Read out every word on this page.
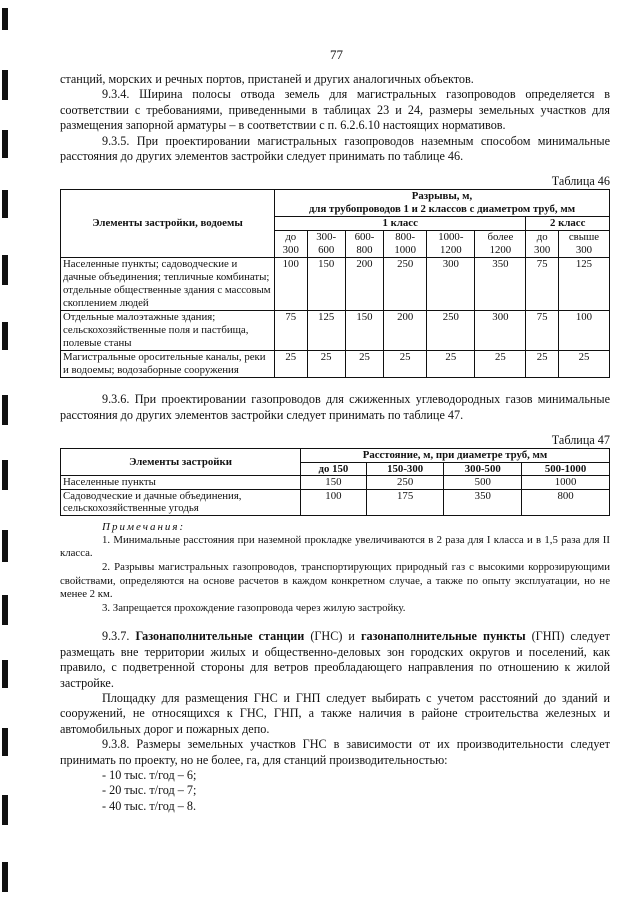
77

станций, морских и речных портов, пристаней и других аналогичных объектов.

9.3.4. Ширина полосы отвода земель для магистральных газопроводов определяется в соответствии с требованиями, приведенными в таблицах 23 и 24, размеры земельных участков для размещения запорной арматуры – в соответствии с п. 6.2.6.10 настоящих нормативов.

9.3.5. При проектировании магистральных газопроводов наземным способом минимальные расстояния до других элементов застройки следует принимать по таблице 46.

Таблица 46
Элементы застройки, водоемы	Разрывы, м,
для трубопроводов 1 и 2 классов с диаметром труб, мм							

	1 класс						2 класс	
	до 300	300-600	600-800	800-1000	1000-1200	более 1200	до 300	свыше 300
Населенные пункты; садоводческие и дачные объединения; тепличные комбинаты; отдельные общественные здания с массовым скоплением людей	100	150	200	250	300	350	75	125
Отдельные малоэтажные здания; сельскохозяйственные поля и пастбища, полевые станы	75	125	150	200	250	300	75	100
Магистральные оросительные каналы, реки и водоемы; водозаборные сооружения	25	25	25	25	25	25	25	25

9.3.6. При проектировании газопроводов для сжиженных углеводородных газов минимальные расстояния до других элементов застройки следует принимать по таблице 47.

Таблица 47
Элементы застройки	Расстояние, м, при диаметре труб, мм			
	до 150	150-300	300-500	500-1000
Населенные пункты	150	250	500	1000
Садоводческие и дачные объединения, сельскохозяйственные угодья	100	175	350	800
Примечания:

1. Минимальные расстояния при наземной прокладке увеличиваются в 2 раза для I класса и в 1,5 раза для II класса.

2. Разрывы магистральных газопроводов, транспортирующих природный газ с высокими коррозирующими свойствами, определяются на основе расчетов в каждом конкретном случае, а также по опыту эксплуатации, но не менее 2 км.

3. Запрещается прохождение газопровода через жилую застройку.

9.3.7. Газонаполнительные станции (ГНС) и газонаполнительные пункты (ГНП) следует размещать вне территории жилых и общественно-деловых зон городских округов и поселений, как правило, с подветренной стороны для ветров преобладающего направления по отношению к жилой застройке.

Площадку для размещения ГНС и ГНП следует выбирать с учетом расстояний до зданий и сооружений, не относящихся к ГНС, ГНП, а также наличия в районе строительства железных и автомобильных дорог и пожарных депо.

9.3.8. Размеры земельных участков ГНС в зависимости от их производительности следует принимать по проекту, но не более, га, для станций производительностью:

- 10 тыс. т/год – 6;

- 20 тыс. т/год – 7;

- 40 тыс. т/год – 8.
